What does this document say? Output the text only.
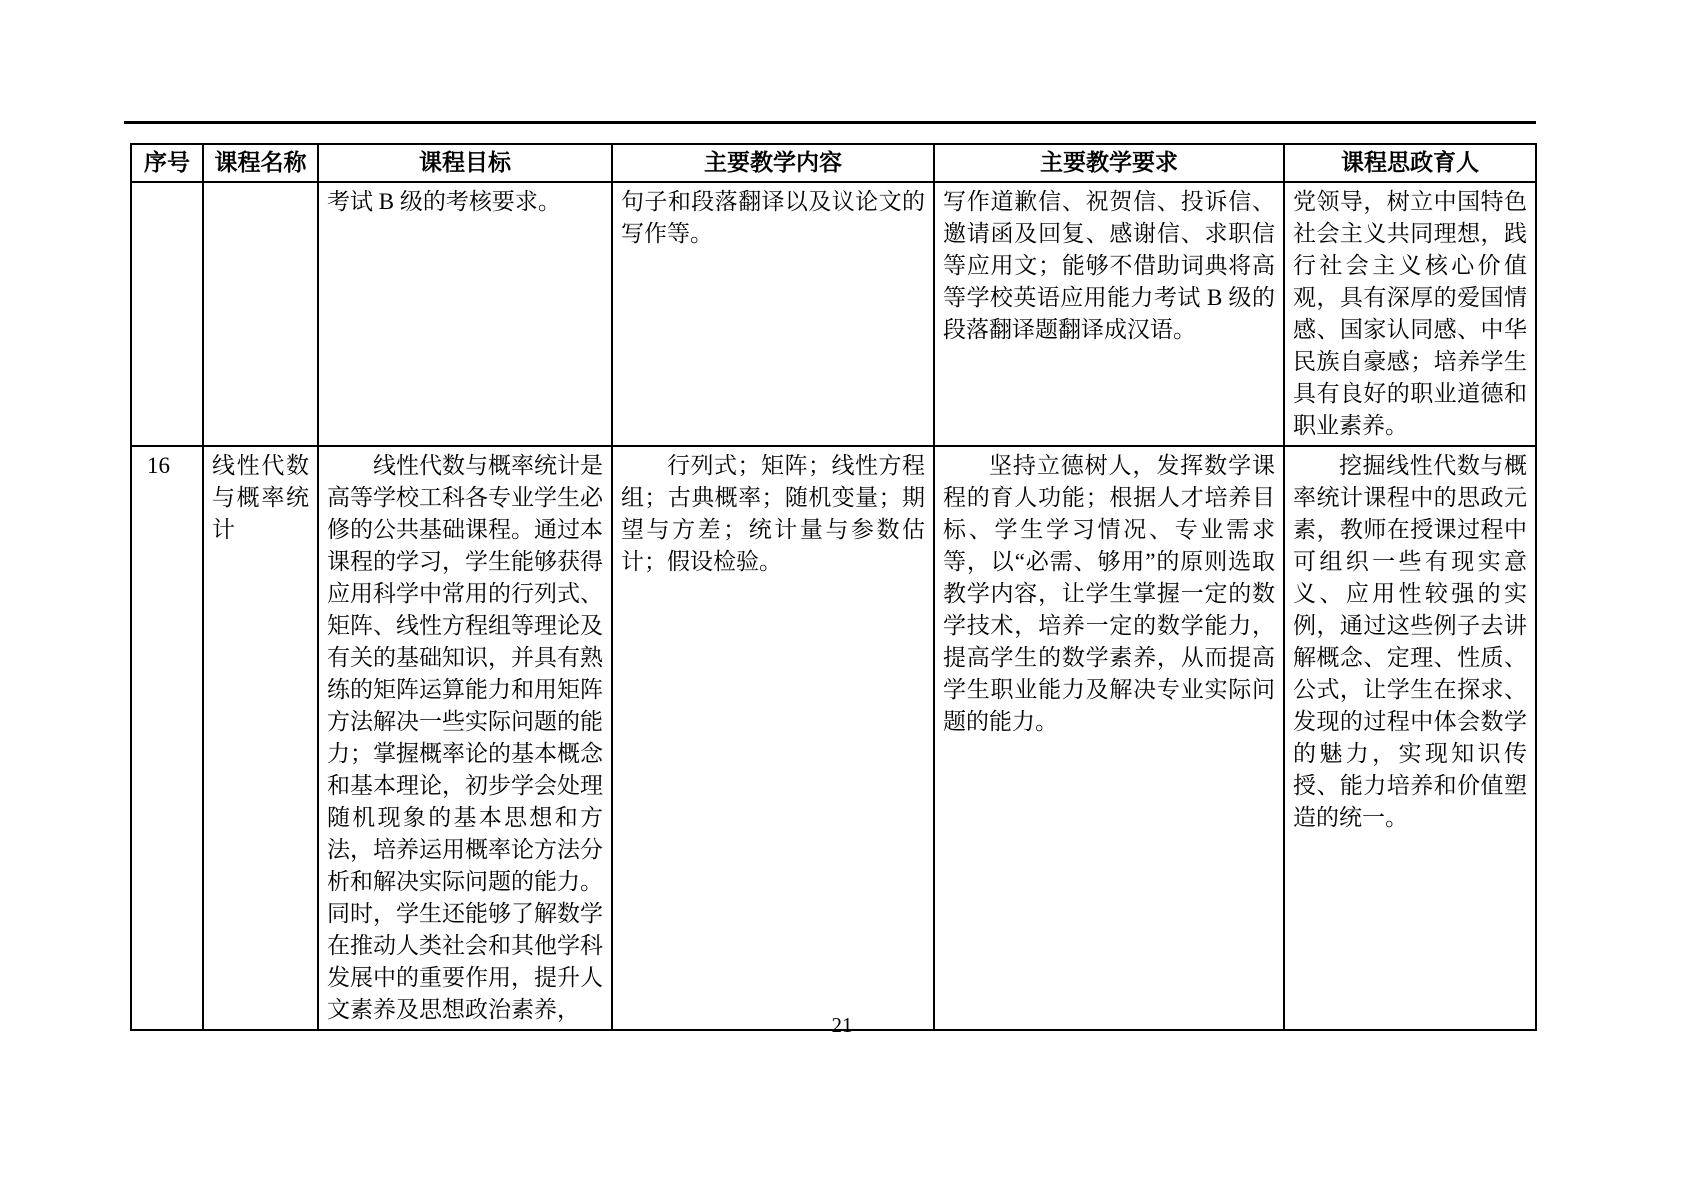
序号	课程名称	课程目标	主要教学内容	主要教学要求	课程思政育人
		考试 B 级的考核要求。	句子和段落翻译以及议论文的写作等。	写作道歉信、祝贺信、投诉信、邀请函及回复、感谢信、求职信等应用文；能够不借助词典将高等学校英语应用能力考试 B 级的段落翻译题翻译成汉语。	党领导，树立中国特色社会主义共同理想，践行社会主义核心价值观，具有深厚的爱国情感、国家认同感、中华民族自豪感；培养学生具有良好的职业道德和职业素养。
16	线性代数与概率统计	线性代数与概率统计是高等学校工科各专业学生必修的公共基础课程。通过本课程的学习，学生能够获得应用科学中常用的行列式、矩阵、线性方程组等理论及有关的基础知识，并具有熟练的矩阵运算能力和用矩阵方法解决一些实际问题的能力；掌握概率论的基本概念和基本理论，初步学会处理随机现象的基本思想和方法，培养运用概率论方法分析和解决实际问题的能力。同时，学生还能够了解数学在推动人类社会和其他学科发展中的重要作用，提升人文素养及思想政治素养，	行列式；矩阵；线性方程组；古典概率；随机变量；期望与方差；统计量与参数估计；假设检验。	坚持立德树人，发挥数学课程的育人功能；根据人才培养目标、学生学习情况、专业需求等，以“必需、够用”的原则选取教学内容，让学生掌握一定的数学技术，培养一定的数学能力，提高学生的数学素养，从而提高学生职业能力及解决专业实际问题的能力。	挖掘线性代数与概率统计课程中的思政元素，教师在授课过程中可组织一些有现实意义、应用性较强的实例，通过这些例子去讲解概念、定理、性质、公式，让学生在探求、发现的过程中体会数学的魅力，实现知识传授、能力培养和价值塑造的统一。
21
